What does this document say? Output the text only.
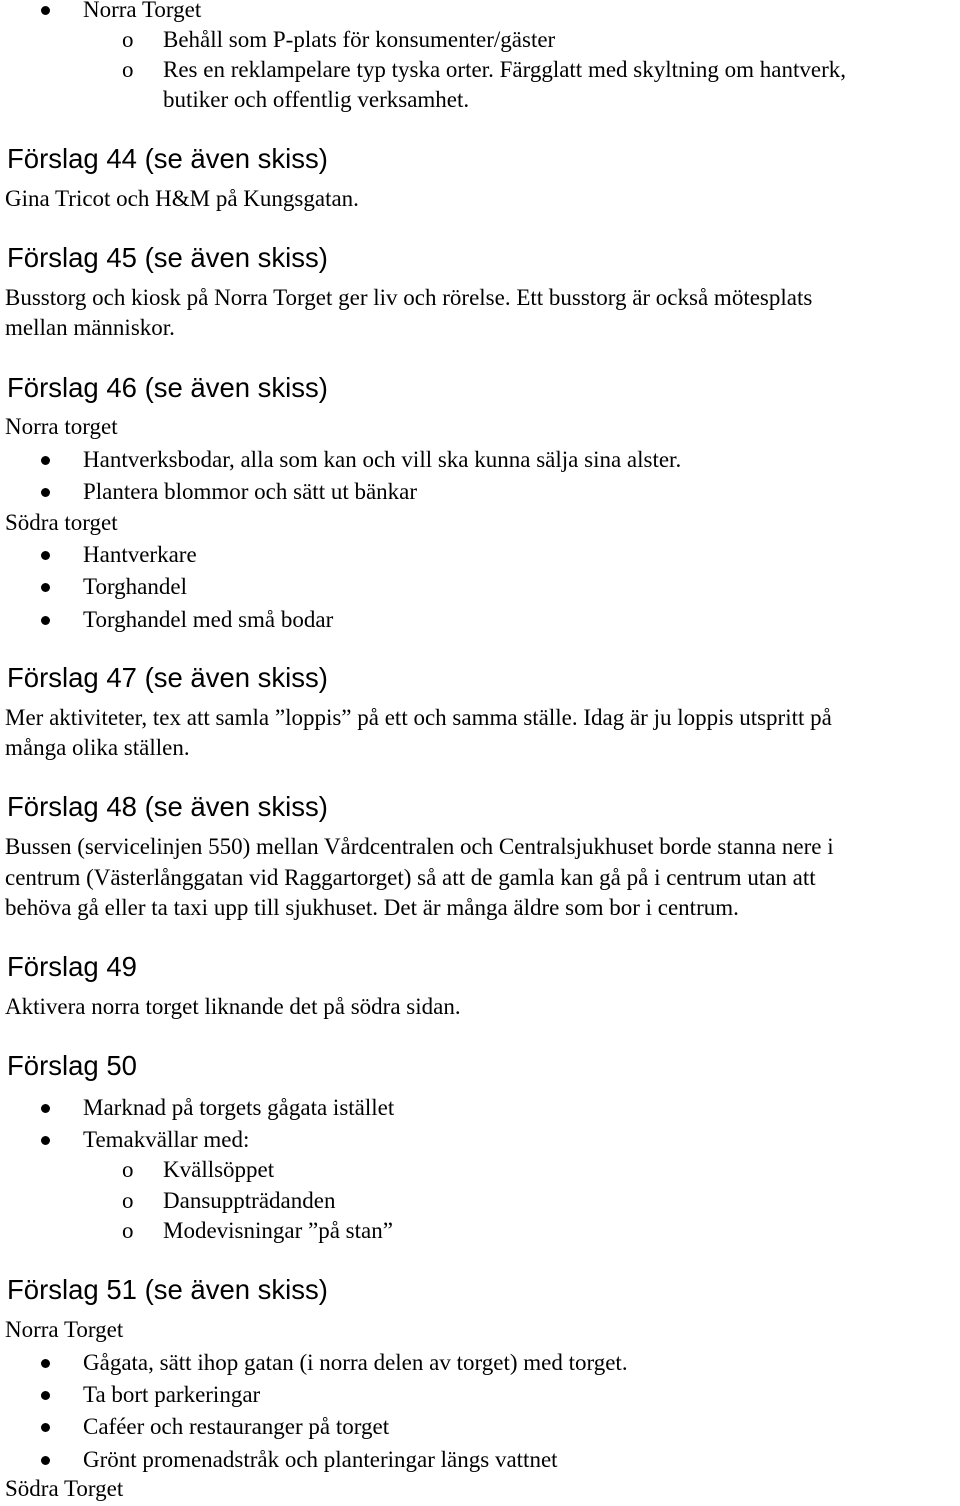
Norra Torget
o Behåll som P-plats för konsumenter/gäster
o Res en reklampelare typ tyska orter. Färgglatt med skyltning om hantverk,
butiker och offentlig verksamhet.
Förslag 44 (se även skiss)
Gina Tricot och H&M på Kungsgatan.
Förslag 45 (se även skiss)
Busstorg och kiosk på Norra Torget ger liv och rörelse. Ett busstorg är också mötesplats
mellan människor.
Förslag 46 (se även skiss)
Norra torget
Hantverksbodar, alla som kan och vill ska kunna sälja sina alster.
Plantera blommor och sätt ut bänkar
Södra torget
Hantverkare
Torghandel
Torghandel med små bodar
Förslag 47 (se även skiss)
Mer aktiviteter, tex att samla ”loppis” på ett och samma ställe. Idag är ju loppis utspritt på
många olika ställen.
Förslag 48 (se även skiss)
Bussen (servicelinjen 550) mellan Vårdcentralen och Centralsjukhuset borde stanna nere i
centrum (Västerlånggatan vid Raggartorget) så att de gamla kan gå på i centrum utan att
behöva gå eller ta taxi upp till sjukhuset. Det är många äldre som bor i centrum.
Förslag 49
Aktivera norra torget liknande det på södra sidan.
Förslag 50
Marknad på torgets gågata istället
Temakvällar med:
o Kvällsöppet
o Dansuppträdanden
o Modevisningar ”på stan”
Förslag 51 (se även skiss)
Norra Torget
Gågata, sätt ihop gatan (i norra delen av torget) med torget.
Ta bort parkeringar
Caféer och restauranger på torget
Grönt promenadstråk och planteringar längs vattnet
Södra Torget
